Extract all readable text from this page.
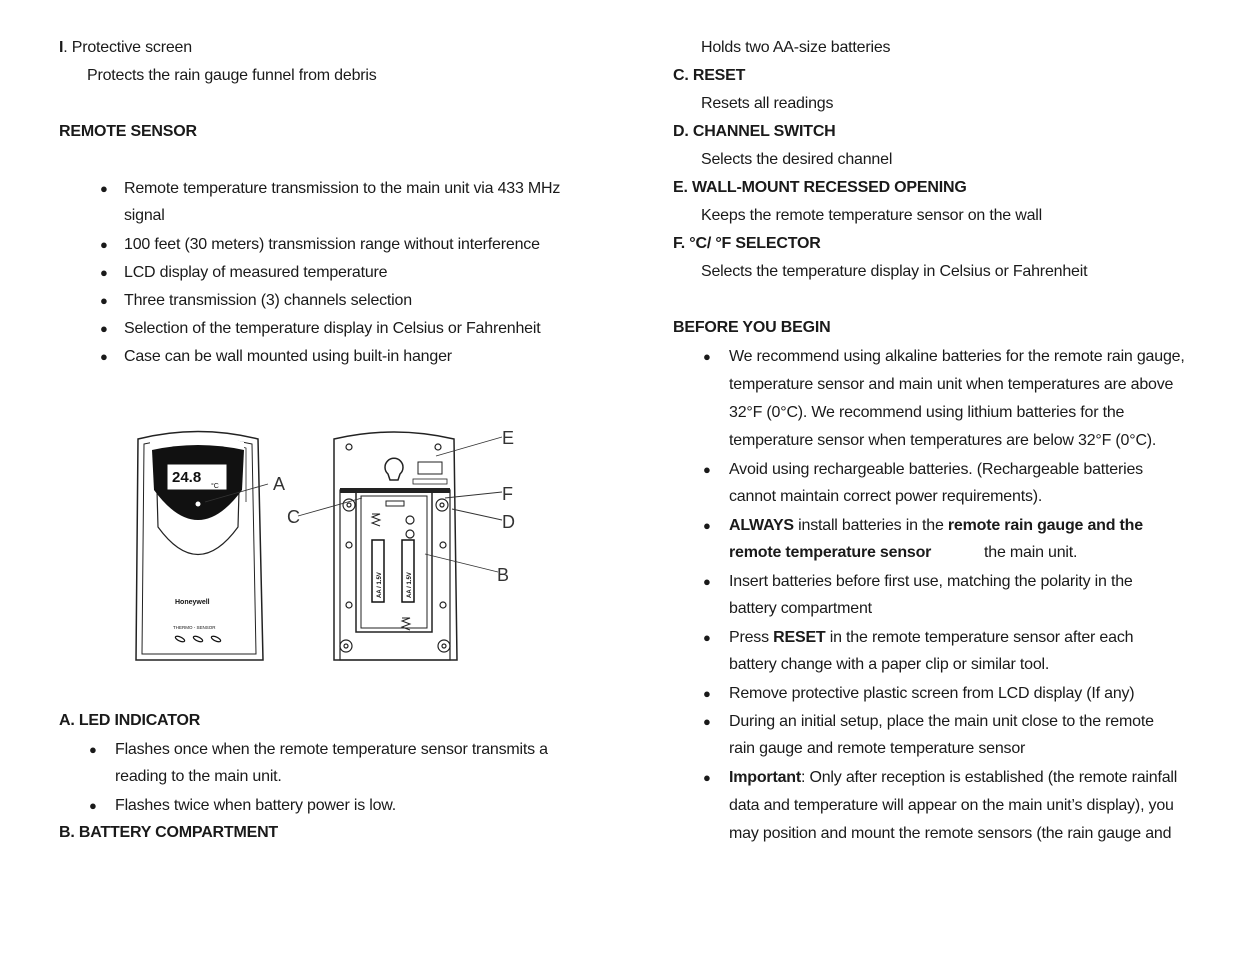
I. Protective screen
Protects the rain gauge funnel from debris
REMOTE SENSOR
● Remote temperature transmission to the main unit via 433 MHz
signal
● 100 feet (30 meters) transmission range without interference
● LCD display of measured temperature
● Three transmission (3) channels selection
● Selection of the temperature display in Celsius or Fahrenheit
● Case can be wall mounted using built-in hanger
24.8
°C
Honeywell
THERMO - SENSOR
AA / 1.5V	AA / 1.5V
A
C
E
F
D
B
A. LED INDICATOR
● Flashes once when the remote temperature sensor transmits a
reading to the main unit.
● Flashes twice when battery power is low.
B. BATTERY COMPARTMENT
Holds two AA-size batteries
C. RESET
Resets all readings
D. CHANNEL SWITCH
Selects the desired channel
E. WALL-MOUNT RECESSED OPENING
Keeps the remote temperature sensor on the wall
F. °C/ °F SELECTOR
Selects the temperature display in Celsius or Fahrenheit
BEFORE YOU BEGIN
● We recommend using alkaline batteries for the remote rain gauge,
temperature sensor and main unit when temperatures are above
32°F (0°C). We recommend using lithium batteries for the
temperature sensor when temperatures are below 32°F (0°C).
● Avoid using rechargeable batteries. (Rechargeable batteries
cannot maintain correct power requirements).
● ALWAYS install batteries in the remote rain gauge and the
remote temperature sensor	the main unit.
● Insert batteries before first use, matching the polarity in the
battery compartment
● Press RESET in the remote temperature sensor after each
battery change with a paper clip or similar tool.
● Remove protective plastic screen from LCD display (If any)
● During an initial setup, place the main unit close to the remote
rain gauge and remote temperature sensor
● Important: Only after reception is established (the remote rainfall
data and temperature will appear on the main unit’s display), you
may position and mount the remote sensors (the rain gauge and
